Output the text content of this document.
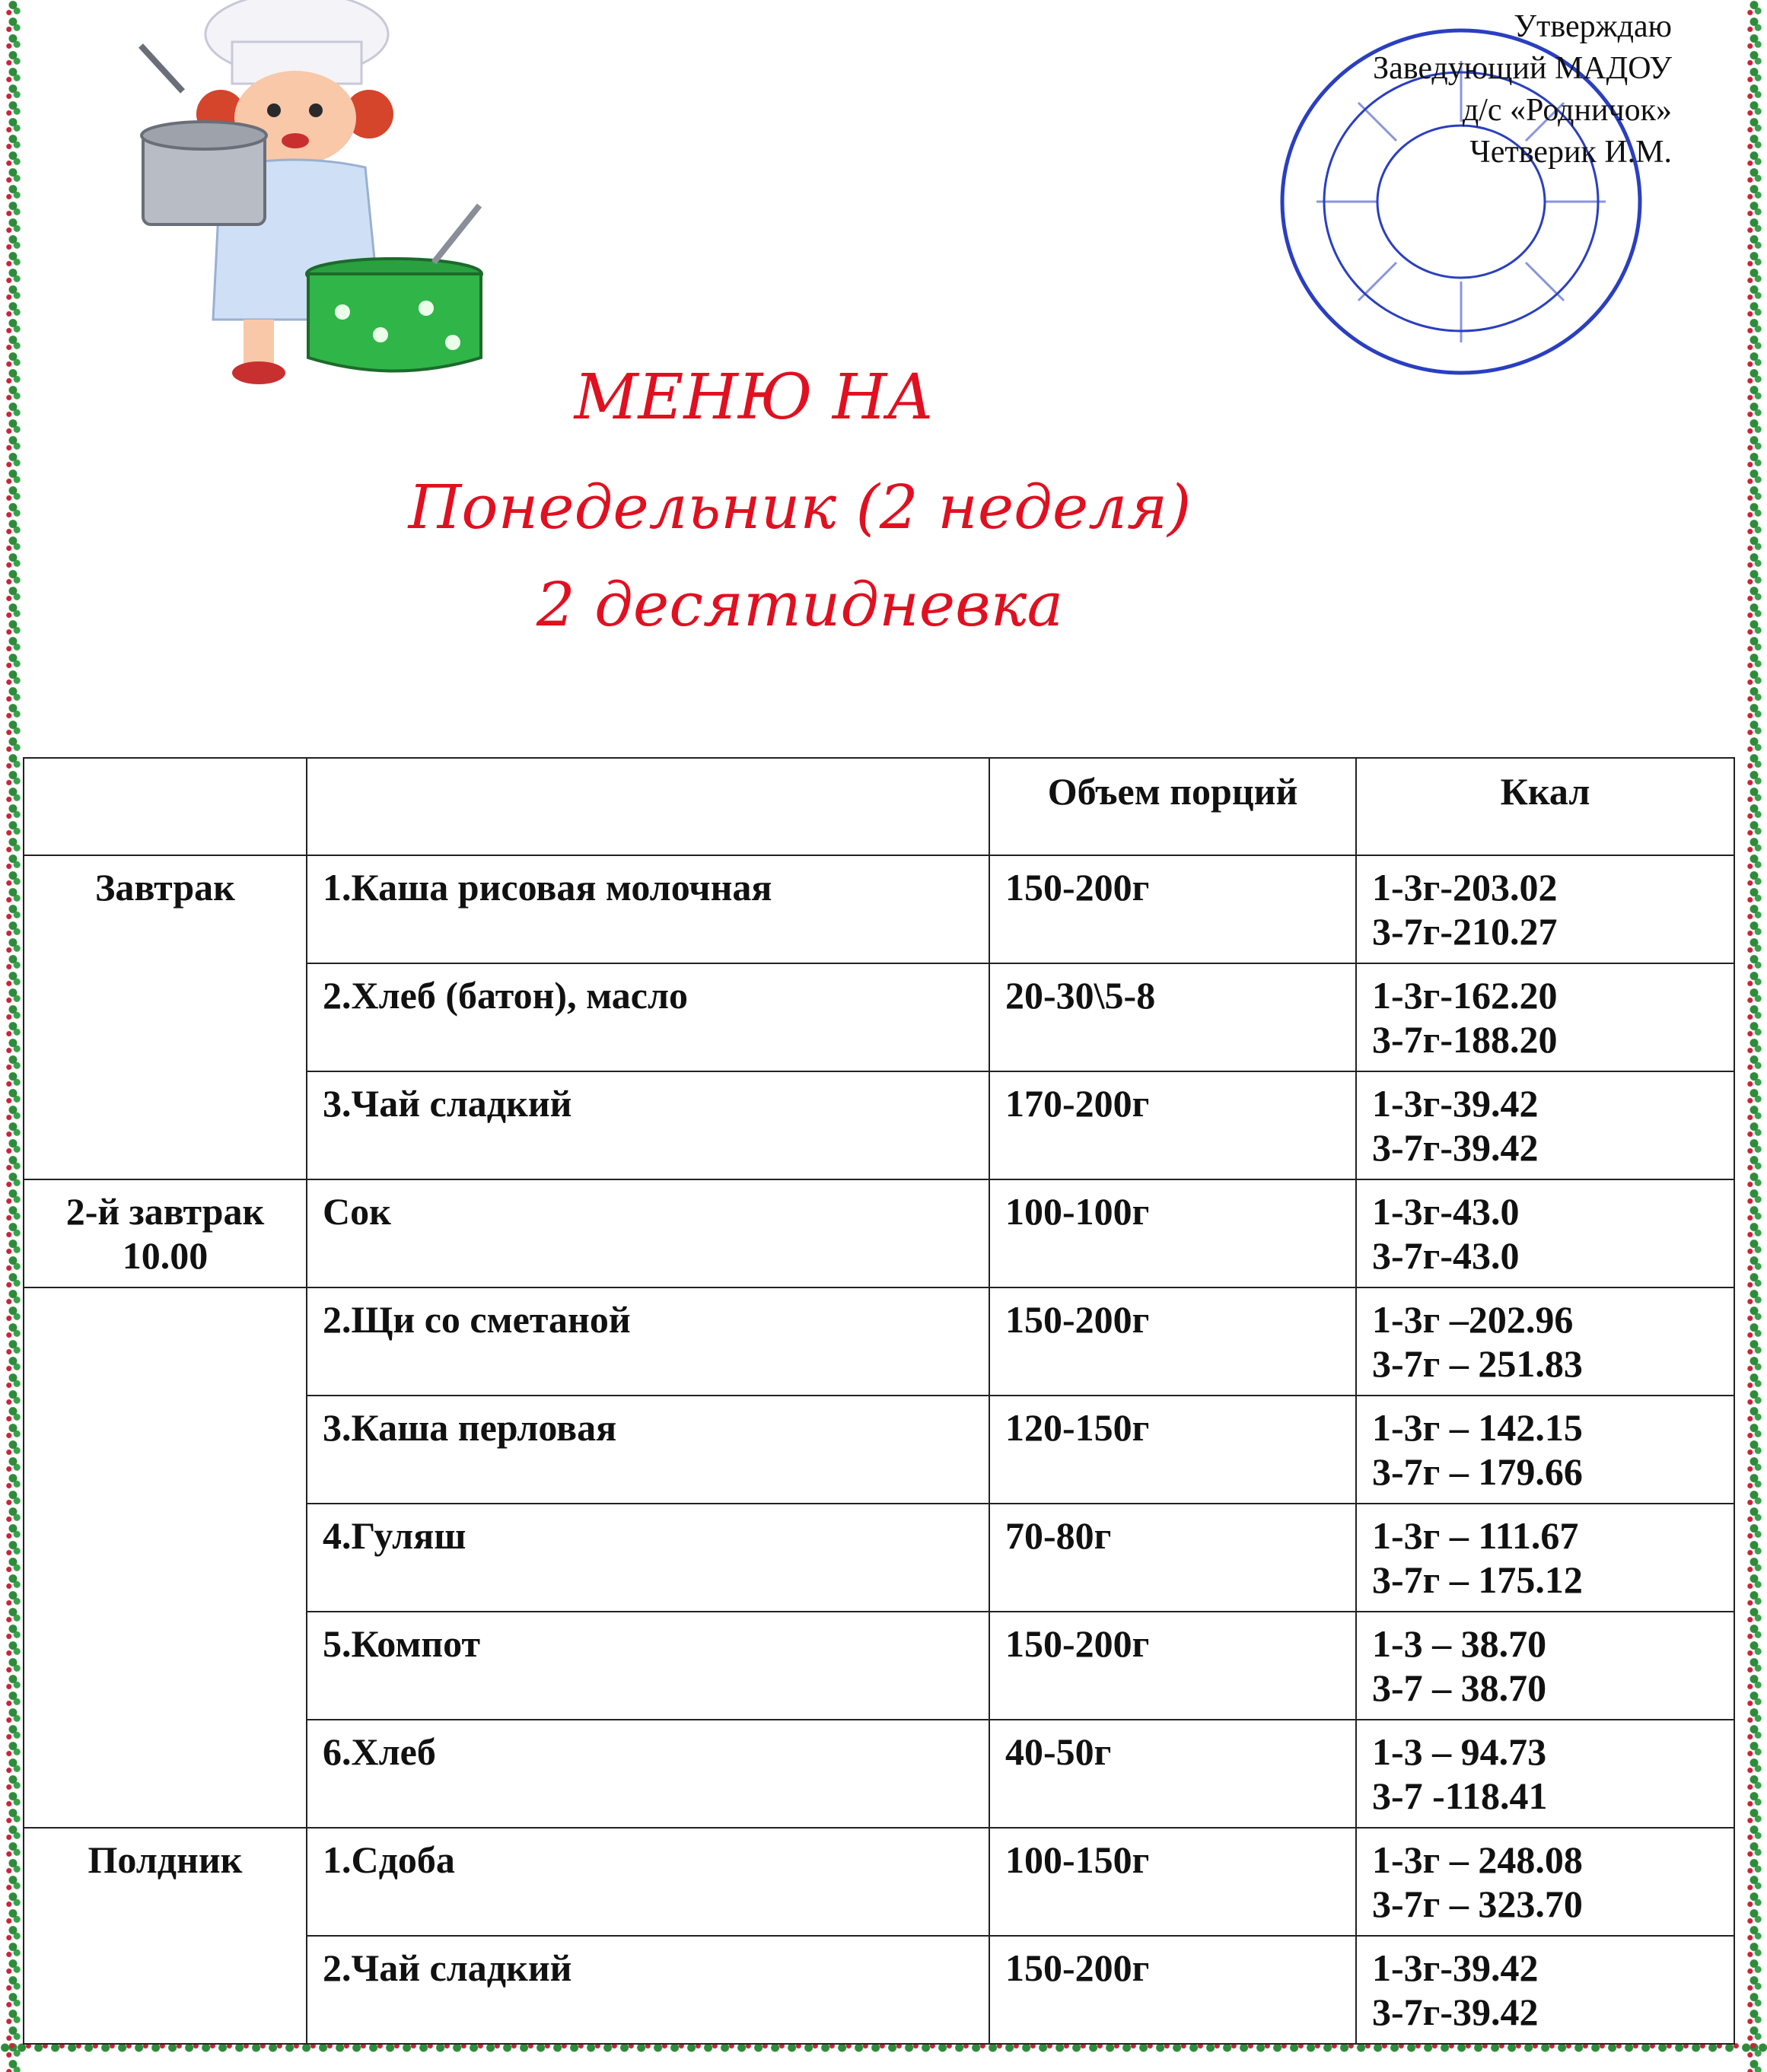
Утверждаю
Заведующий МАДОУ
д/с «Родничок»
Четверик И.М.
МЕНЮ НА
Понедельник (2 неделя)
2 десятидневка
		Объем порций	Ккал
Завтрак	1.Каша рисовая молочная	150-200г	1-3г-203.02
3-7г-210.27

	2.Хлеб (батон), масло	20-30\5-8	1-3г-162.20
3-7г-188.20

	3.Чай сладкий	170-200г	1-3г-39.42
3-7г-39.42

2-й завтрак
10.00	Сок	100-100г	1-3г-43.0
3-7г-43.0

	2.Щи со сметаной	150-200г	1-3г –202.96
3-7г – 251.83

	3.Каша перловая	120-150г	1-3г – 142.15
3-7г – 179.66

	4.Гуляш	70-80г	1-3г – 111.67
3-7г – 175.12

	5.Компот	150-200г	1-3 – 38.70
3-7 – 38.70

	6.Хлеб	40-50г	1-3 – 94.73
3-7 -118.41

Полдник	1.Сдоба	100-150г	1-3г – 248.08
3-7г – 323.70

	2.Чай сладкий	150-200г	1-3г-39.42
3-7г-39.42
